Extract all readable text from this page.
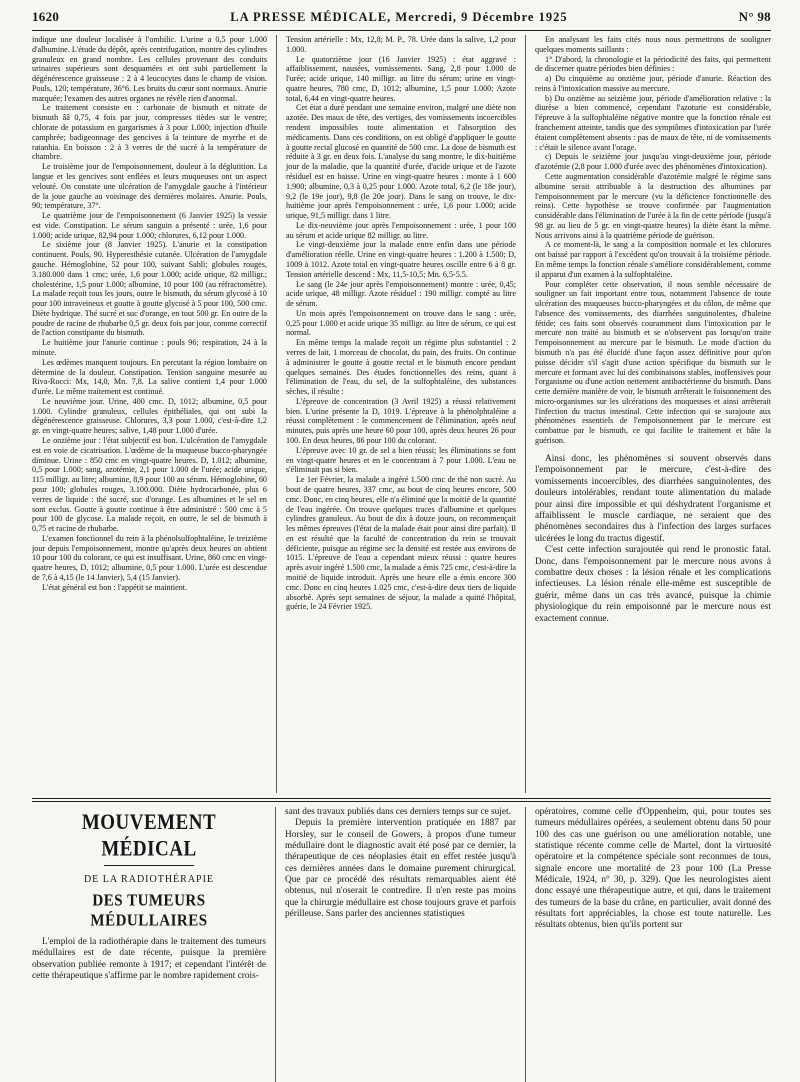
1620	LA PRESSE MÉDICALE, Mercredi, 9 Décembre 1925	N° 98

indique une douleur localisée à l'ombilic. L'urine a 0,5 pour 1.000 d'albumine. L'étude du dépôt, après centrifugation, montre des cylindres granuleux en grand nombre. Les cellules provenant des conduits urinaires supérieurs sont desquamées et ont subi partiellement la dégénérescence graisseuse : 2 à 4 leucocytes dans le champ de vision. Pouls, 120; température, 36°6. Les bruits du cœur sont normaux. Anurie marquée; l'examen des autres organes ne révèle rien d'anormal.

Le traitement consiste en : carbonate de bismuth et nitrate de bismuth ââ 0,75, 4 fois par jour, compresses tièdes sur le ventre; chlorate de potassium en gargarismes à 3 pour 1.000; injection d'huile camphrée; badigeonnage des gencives à la teinture de myrrhe et de ratanhia. En boisson : 2 à 3 verres de thé sucré à la température de chambre.

Le troisième jour de l'empoisonnement, douleur à la déglutition. La langue et les gencives sont enflées et leurs muqueuses ont un aspect velouté. On constate une ulcération de l'amygdale gauche à l'intérieur de la joue gauche au voisinage des dernières molaires. Anurie. Pouls, 90; température, 37°.

Le quatrième jour de l'empoisonnement (6 Janvier 1925) la vessie est vide. Constipation. Le sérum sanguin a présenté : urée, 1,6 pour 1.000; acide urique, 82,94 pour 1.000; chlorures, 6,12 pour 1.000.

Le sixième jour (8 Janvier 1925). L'anurie et la constipation continuent. Pouls, 90. Hyperesthésie cutanée. Ulcération de l'amygdale gauche. Hémoglobine, 52 pour 100, suivant Sahli; globules rouges, 3.180.000 dans 1 cmc; urée, 1,6 pour 1.000; acide urique, 82 milligr.; cholestérine, 1,5 pour 1.000; albumine, 10 pour 100 (au réfractomètre). La malade reçoit tous les jours, outre le bismuth, du sérum glycosé à 10 pour 100 intraveineux et goutte à goutte glycosé à 5 pour 100, 500 cmc. Diète hydrique. Thé sucré et suc d'orange, en tout 500 gr. En outre de la poudre de racine de rhubarbe 0,5 gr. deux fois par jour, comme correctif de l'action constipante du bismuth.

Le huitième jour l'anurie continue : pouls 96; respiration, 24 à la minute.

Les œdèmes manquent toujours. En percutant la région lombaire on détermine de la douleur. Constipation. Tension sanguine mesurée au Riva-Rocci: Mx, 14,0, Mn. 7,8. La salive contient 1,4 pour 1.000 d'urée. Le même traitement est continué.

Le neuvième jour. Urine, 400 cmc. D, 1012; albumine, 0,5 pour 1.000. Cylindre granuleux, cellules épithéliales, qui ont subi la dégénérescence graisseuse. Chlorures, 3,3 pour 1.000, c'est-à-dire 1,2 gr. en vingt-quatre heures; salive, 1,48 pour 1.000 d'urée.

Le onzième jour : l'état subjectif est bon. L'ulcération de l'amygdale est en voie de cicatrisation. L'œdème de la muqueuse bucco-pharyngée diminue. Urine : 850 cmc en vingt-quatre heures. D, 1.012; albumine, 0,5 pour 1.000; sang, azotémie, 2,1 pour 1.000 de l'urée; acide urique, 115 milligr. au litre; albumine, 8,9 pour 100 au sérum. Hémoglobine, 60 pour 100; globules rouges, 3.100.000. Diète hydrocarbonée, plus 6 verres de liquide : thé sucré, suc d'orange. Les albumines et le sel en sont exclus. Goutte à goutte continue à être administré : 500 cmc à 5 pour 100 de glycose. La malade reçoit, en outre, le sel de bismuth à 0,75 et racine de rhubarbe.

L'examen fonctionnel du rein à la phénolsulfophtaléine, le treizième jour depuis l'empoisonnement, montre qu'après deux heures on obtient 10 pour 100 du colorant, ce qui est insuffisant. Urine, 860 cmc en vingt-quatre heures, D, 1012; albumine, 0,5 pour 1.000. L'urée est descendue de 7,6 à 4,15 (le 14 Janvier), 5,4 (15 Janvier).

L'état général est bon : l'appétit se maintient.

Tension artérielle : Mx, 12,8; M. P., 78. Urée dans la salive, 1,2 pour 1.000.

Le quatorzième jour (16 Janvier 1925) : état aggravé : affaiblissement, nausées, vomissements. Sang, 2,8 pour 1.000 de l'urée; acide urique, 140 milligr. au litre du sérum; urine en vingt-quatre heures, 780 cmc, D, 1012; albumine, 1,5 pour 1.000; Azote total, 6,44 en vingt-quatre heures.

Cet état a duré pendant une semaine environ, malgré une diète non azotée. Des maux de tête, des vertiges, des vomissements incoercibles rendent impossibles toute alimentation et l'absorption des médicaments. Dans ces conditions, on est obligé d'appliquer le goutte à goutte rectal glucosé en quantité de 500 cmc. La dose de bismuth est réduite à 3 gr. en deux fois. L'analyse du sang montre, le dix-huitième jour de la maladie, que la quantité d'urée, d'acide urique et de l'azote résiduel est en baisse. Urine en vingt-quatre heures : monte à 1 600 1.900; albumine, 0,3 à 0,25 pour 1.000. Azote total, 6,2 (le 18e jour), 9,2 (le 19e jour), 9,8 (le 20e jour). Dans le sang on trouve, le dix-huitième jour après l'empoisonnement : urée, 1,6 pour 1.000; acide urique, 91,5 milligr. dans 1 litre.

Le dix-neuvième jour après l'empoisonnement : urée, 1 pour 100 au sérum et acide urique 82 milligr. au litre.

Le vingt-deuxième jour la malade entre enfin dans une période d'amélioration réelle. Urine en vingt-quatre heures : 1.200 à 1.500; D, 1009 à 1012. Azote total en vingt-quatre heures oscille entre 6 à 8 gr. Tension artérielle descend : Mx, 11,5-10,5; Mn. 6,5-5.5.

Le sang (le 24e jour après l'empoisonnement) montre : urée, 0,45; acide urique, 48 milligr. Azote résiduel : 190 milligr. compté au litre de sérum.

Un mois après l'empoisonnement on trouve dans le sang : urée, 0,25 pour 1.000 et acide urique 35 milligr. au litre de sérum, ce qui est normal.

En même temps la malade reçoit un régime plus substantiel : 2 verres de lait, 1 morceau de chocolat, du pain, des fruits. On continue à administrer le goutte à goutte rectal et le bismuth encore pendant quelques semaines. Des études fonctionnelles des reins, quant à l'élimination de l'eau, du sel, de la sulfophtaléine, des substances sèches, il résulte :

L'épreuve de concentration (3 Avril 1925) a réussi relativement bien. L'urine présente la D, 1019. L'épreuve à la phénolphtaléine a réussi complètement : le commencement de l'élimination, après neuf minutes, puis après une heure 60 pour 100, après deux heures 26 pour 100. En deux heures, 86 pour 100 du colorant.

L'épreuve avec 10 gr. de sel a bien réussi; les éliminations se font en vingt-quatre heures et en le concentrant à 7 pour 1.000. L'eau ne s'éliminait pas si bien.

Le 1er Février, la malade a ingéré 1.500 cmc de thé non sucré. Au bout de quatre heures, 337 cmc, au bout de cinq heures encore, 500 cmc. Donc, en cinq heures, elle n'a éliminé que la moitié de la quantité de l'eau ingérée. On trouve quelques traces d'albumine et quelques cylindres granuleux. Au bout de dix à douze jours, on recommençait les mêmes épreuves (l'état de la malade était pour ainsi dire parfait). Il en est résulté que la faculté de concentration du rein se trouvait déficiente, puisque au régime sec la densité est restée aux environs de 1015. L'épreuve de l'eau a cependant mieux réussi : quatre heures après avoir ingéré 1.500 cmc, la malade a émis 725 cmc, c'est-à-dire la moitié de liquide introduit. Après une heure elle a émis encore 300 cmc. Donc en cinq heures 1.025 cmc, c'est-à-dire deux tiers de liquide absorbé. Après sept semaines de séjour, la malade a quitté l'hôpital, guérie, le 24 Février 1925.

En analysant les faits cités nous nous permettrons de souligner quelques moments saillants :

1° D'abord, la chronologie et la périodicité des faits, qui permettent de discerner quatre périodes bien définies :

a) Du cinquième au onzième jour, période d'anurie. Réaction des reins à l'intoxication massive au mercure.

b) Du onzième au seizième jour, période d'amélioration relative : la diurèse a bien commencé, cependant l'azoturie est considérable, l'épreuve à la sulfophtaléine négative montre que la fonction rénale est franchement atteinte, tandis que des symptômes d'intoxication par l'urée étaient complètement absents : pas de maux de tête, ni de vomissements : c'était le silence avant l'orage.

c) Depuis le seizième jour jusqu'au vingt-deuxième jour, période d'azotémie (2,8 pour 1.000 d'urée avec des phénomènes d'intoxication).

Cette augmentation considérable d'azotémie malgré le régime sans albumine serait attribuable à la destruction des albumines par l'empoisonnement par le mercure (vu la déficience fonctionnelle des reins). Cette hypothèse se trouve confirmée par l'augmentation considérable dans l'élimination de l'urée à la fin de cette période (jusqu'à 98 gr. au lieu de 5 gr. en vingt-quatre heures) la diète étant la même. Nous arrivons ainsi à la quatrième période de guérison.

A ce moment-là, le sang a la composition normale et les chlorures ont baissé par rapport à l'excédent qu'on trouvait à la troisième période. En même temps la fonction rénale s'améliore considérablement, comme il apparut d'un examen à la sulfophtaléine.

Pour compléter cette observation, il nous semble nécessaire de souligner un fait important entre tous, notamment l'absence de toute ulcération des muqueuses bucco-pharyngées et du côlon, de même que l'absence des vomissements, des diarrhées sanguinolentes, d'haleine fétide; ces faits sont observés couramment dans l'intoxication par le mercure non traité au bismuth et se n'observent pas lorsqu'on traite l'empoisonnement au mercure par le bismuth. Le mode d'action du bismuth n'a pas été élucidé d'une façon assez définitive pour qu'on puisse décider s'il s'agit d'une action spécifique du bismuth sur le mercure et formant avec lui des combinaisons stables, inoffensives pour l'organisme ou d'une action nettement antibactérienne du bismuth. Dans cette dernière manière de voir, le bismuth arrêterait le foisonnement des micro-organismes sur les ulcérations des muqueuses et ainsi arrêterait l'infection du tractus intestinal. Cette infection qui se surajoute aux phénomènes essentiels de l'empoisonnement par le mercure est combattue par le bismuth, ce qui facilite le traitement et hâte la guérison.

Ainsi donc, les phénomènes si souvent observés dans l'empoisonnement par le mercure, c'est-à-dire des vomissements incoercibles, des diarrhées sanguinolentes, des douleurs intolérables, rendant toute alimentation du malade pour ainsi dire impossible et qui déshydratent l'organisme et affaiblissent le muscle cardiaque, ne seraient que des phénomènes secondaires dus à l'infection des larges surfaces ulcérées le long du tractus digestif.

C'est cette infection surajoutée qui rend le pronostic fatal. Donc, dans l'empoisonnement par le mercure nous avons à combattre deux choses : la lésion rénale et les complications infectieuses. La lésion rénale elle-même est susceptible de guérir, même dans un cas très avancé, puisque la chimie physiologique du rein empoisonné par le mercure nous est exactement connue.

MOUVEMENT MÉDICAL
DE LA RADIOTHÉRAPIE
DES TUMEURS MÉDULLAIRES

L'emploi de la radiothérapie dans le traitement des tumeurs médullaires est de date récente, puisque la première observation publiée remonte à 1917; et cependant l'intérêt de cette thérapeutique s'affirme par le nombre rapidement crois-

sant des travaux publiés dans ces derniers temps sur ce sujet.

Depuis la première intervention pratiquée en 1887 par Horsley, sur le conseil de Gowers, à propos d'une tumeur médullaire dont le diagnostic avait été posé par ce dernier, la thérapeutique de ces néoplasies était en effet restée jusqu'à ces dernières années dans le domaine purement chirurgical. Que par ce procédé des résultats remarquables aient été obtenus, nul n'oserait le contredire. Il n'en reste pas moins que la chirurgie médullaire est chose toujours grave et parfois périlleuse. Sans parler des anciennes statistiques

opératoires, comme celle d'Oppenheim, qui, pour toutes ses tumeurs médullaires opérées, a seulement obtenu dans 50 pour 100 des cas une guérison ou une amélioration notable, une statistique récente comme celle de Martel, dont la virtuosité opératoire et la compétence spéciale sont reconnues de tous, signale encore une mortalité de 23 pour 100 (La Presse Médicale, 1924, n° 30, p. 329). Que les neurologistes aient donc essayé une thérapeutique autre, et qui, dans le traitement des tumeurs de la base du crâne, en particulier, avait donné des résultats fort appréciables, la chose est toute naturelle. Les résultats obtenus, bien qu'ils portent sur
